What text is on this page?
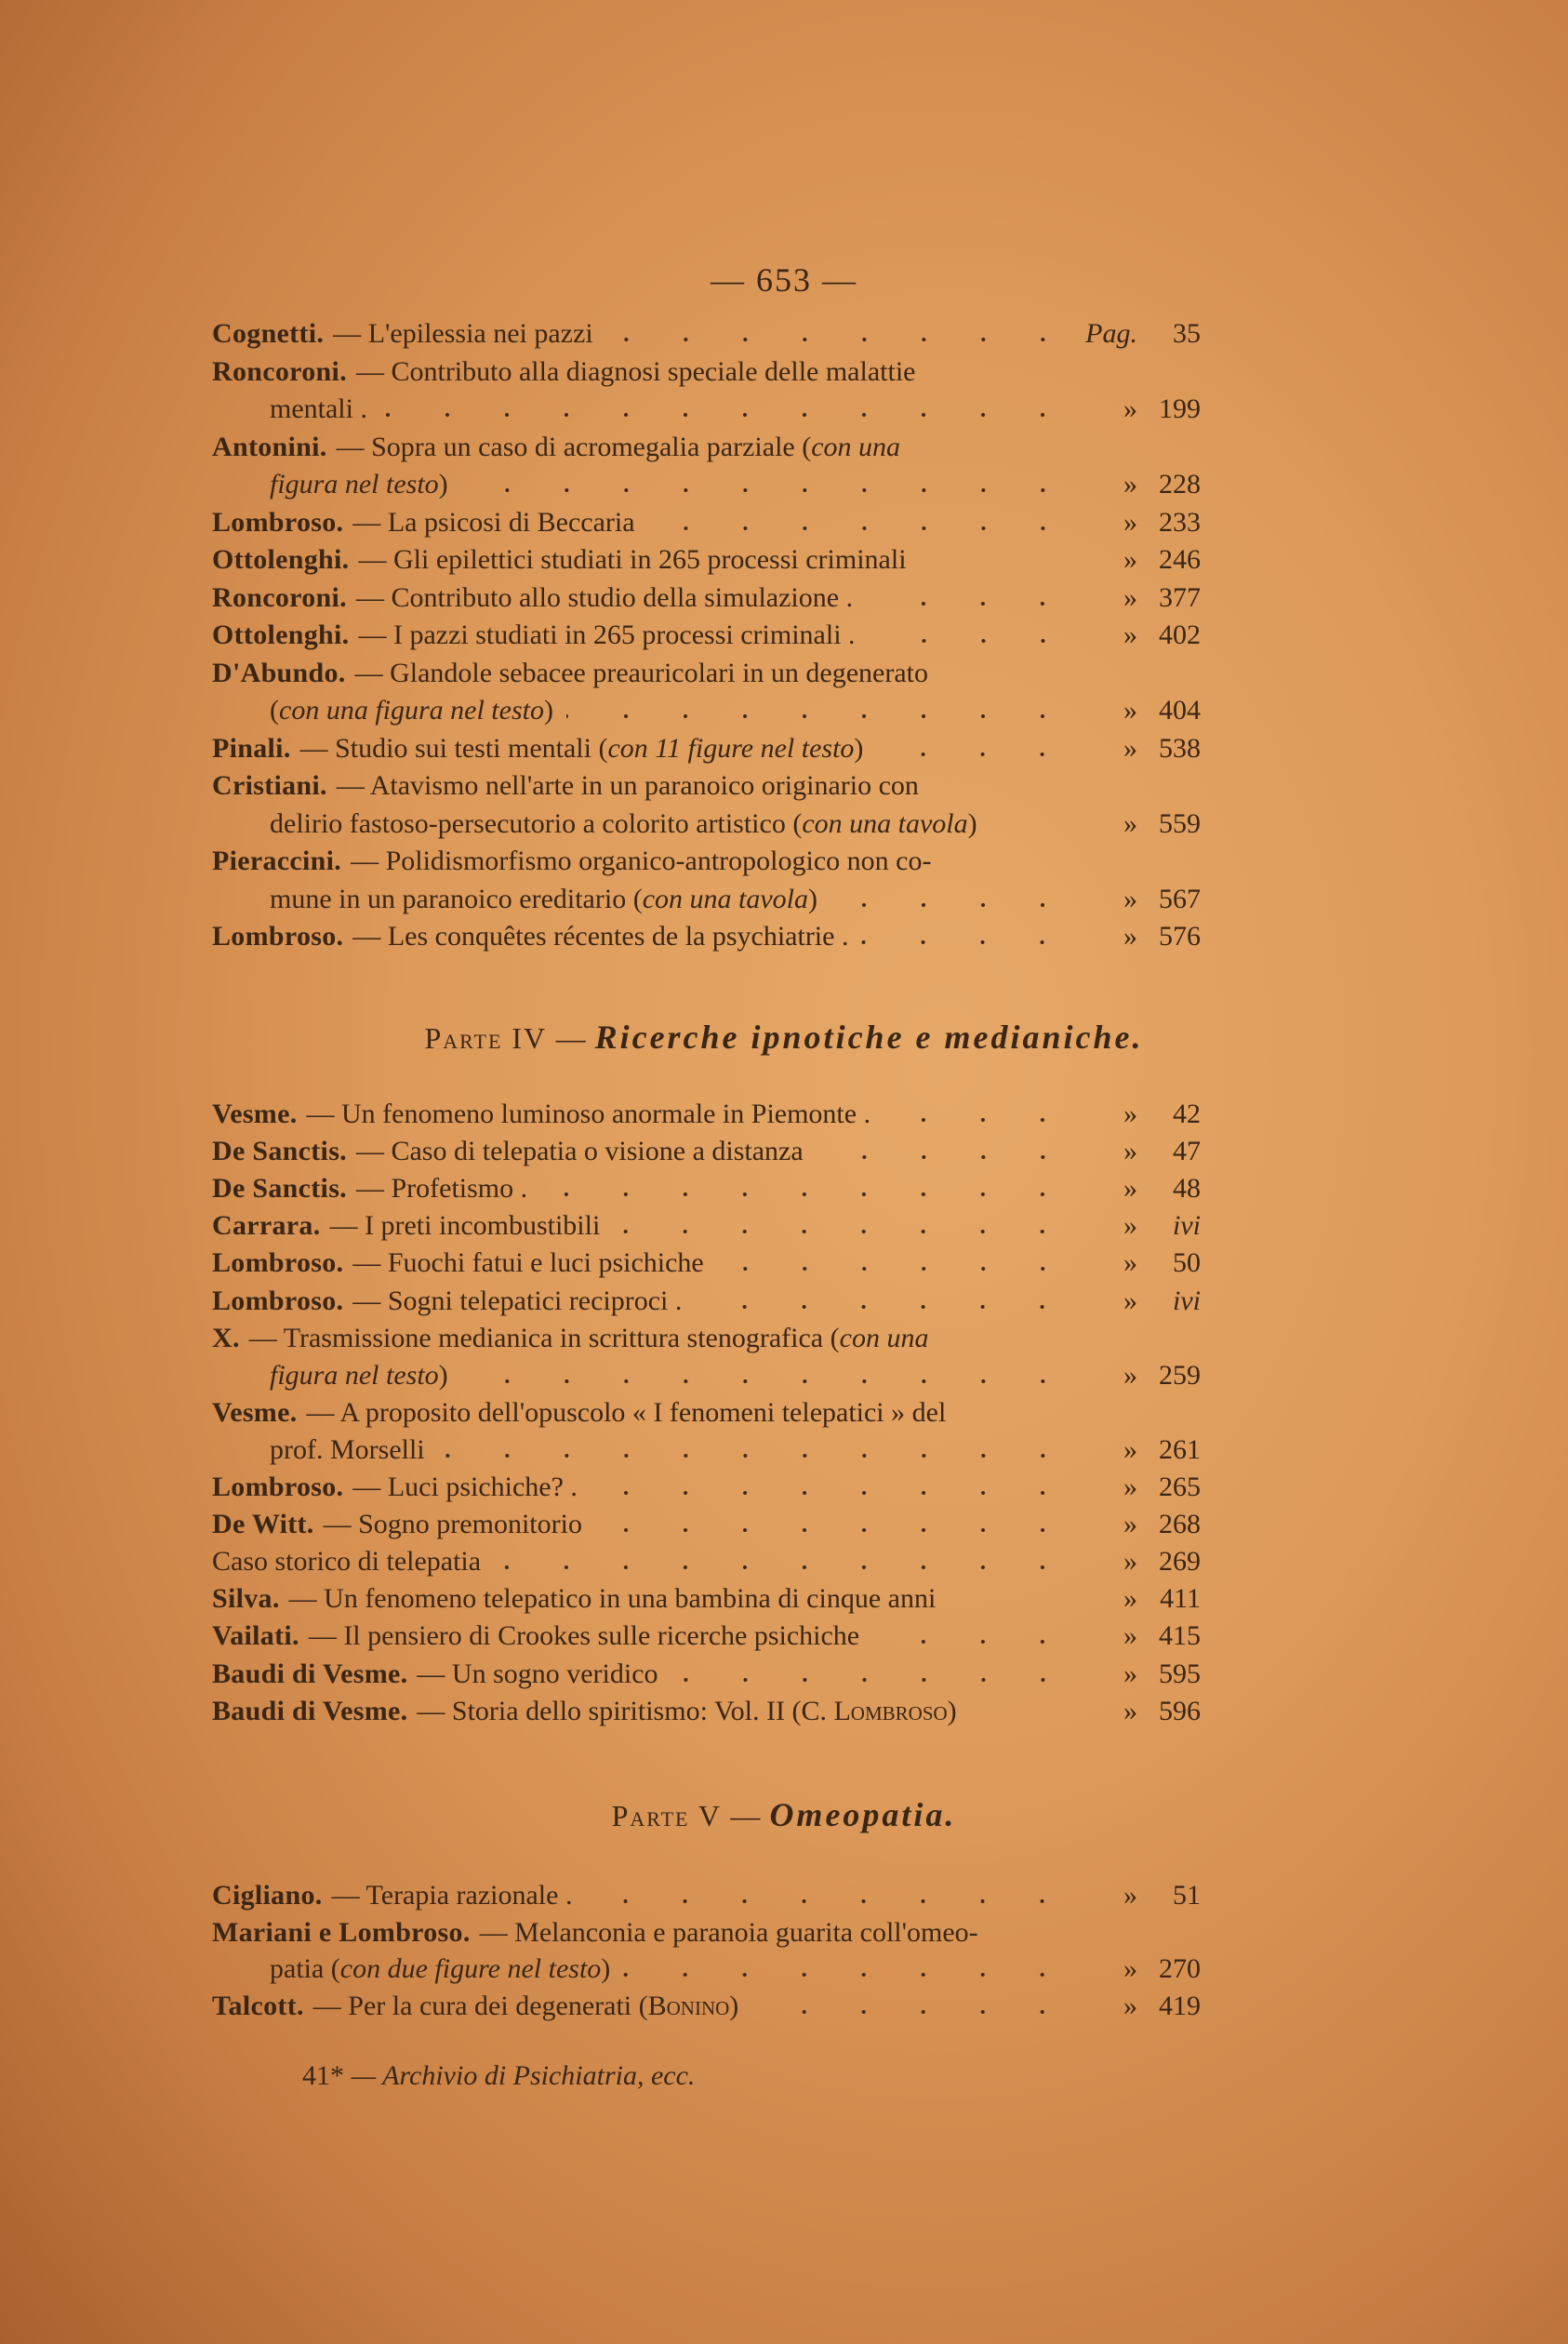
— 653 —
Cognetti. — L'epilessia nei pazzi	Pag.	35
Roncoroni. — Contributo alla diagnosi speciale delle malattie
mentali .	» 199
Antonini. — Sopra un caso di acromegalia parziale (con una
figura nel testo)	» 228
Lombroso. — La psicosi di Beccaria	» 233
Ottolenghi. — Gli epilettici studiati in 265 processi criminali	» 246
Roncoroni. — Contributo allo studio della simulazione .	» 377
Ottolenghi. — I pazzi studiati in 265 processi criminali .	» 402
D'Abundo. — Glandole sebacee preauricolari in un degenerato
(con una figura nel testo)	» 404
Pinali. — Studio sui testi mentali (con 11 figure nel testo)	» 538
Cristiani. — Atavismo nell'arte in un paranoico originario con
delirio fastoso-persecutorio a colorito artistico (con una tavola)	» 559
Pieraccini. — Polidismorfismo organico-antropologico non co-
mune in un paranoico ereditario (con una tavola)	» 567
Lombroso. — Les conquêtes récentes de la psychiatrie .	» 576
Parte IV — Ricerche ipnotiche e medianiche.
Vesme. — Un fenomeno luminoso anormale in Piemonte .	»	42
De Sanctis. — Caso di telepatia o visione a distanza	»	47
De Sanctis. — Profetismo .	»	48
Carrara. — I preti incombustibili	»	ivi
Lombroso. — Fuochi fatui e luci psichiche	»	50
Lombroso. — Sogni telepatici reciproci .	»	ivi
X. — Trasmissione medianica in scrittura stenografica (con una
figura nel testo)	» 259
Vesme. — A proposito dell'opuscolo « I fenomeni telepatici » del
prof. Morselli	» 261
Lombroso. — Luci psichiche? .	» 265
De Witt. — Sogno premonitorio	» 268
Caso storico di telepatia	» 269
Silva. — Un fenomeno telepatico in una bambina di cinque anni	» 411
Vailati. — Il pensiero di Crookes sulle ricerche psichiche	» 415
Baudi di Vesme. — Un sogno veridico	» 595
Baudi di Vesme. — Storia dello spiritismo: Vol. II (C. Lombroso)	» 596
Parte V — Omeopatia.
Cigliano. — Terapia razionale .	»	51
Mariani e Lombroso. — Melanconia e paranoia guarita coll'omeo-
patia (con due figure nel testo)	» 270
Talcott. — Per la cura dei degenerati (Bonino)	» 419
41* — Archivio di Psichiatria, ecc.
